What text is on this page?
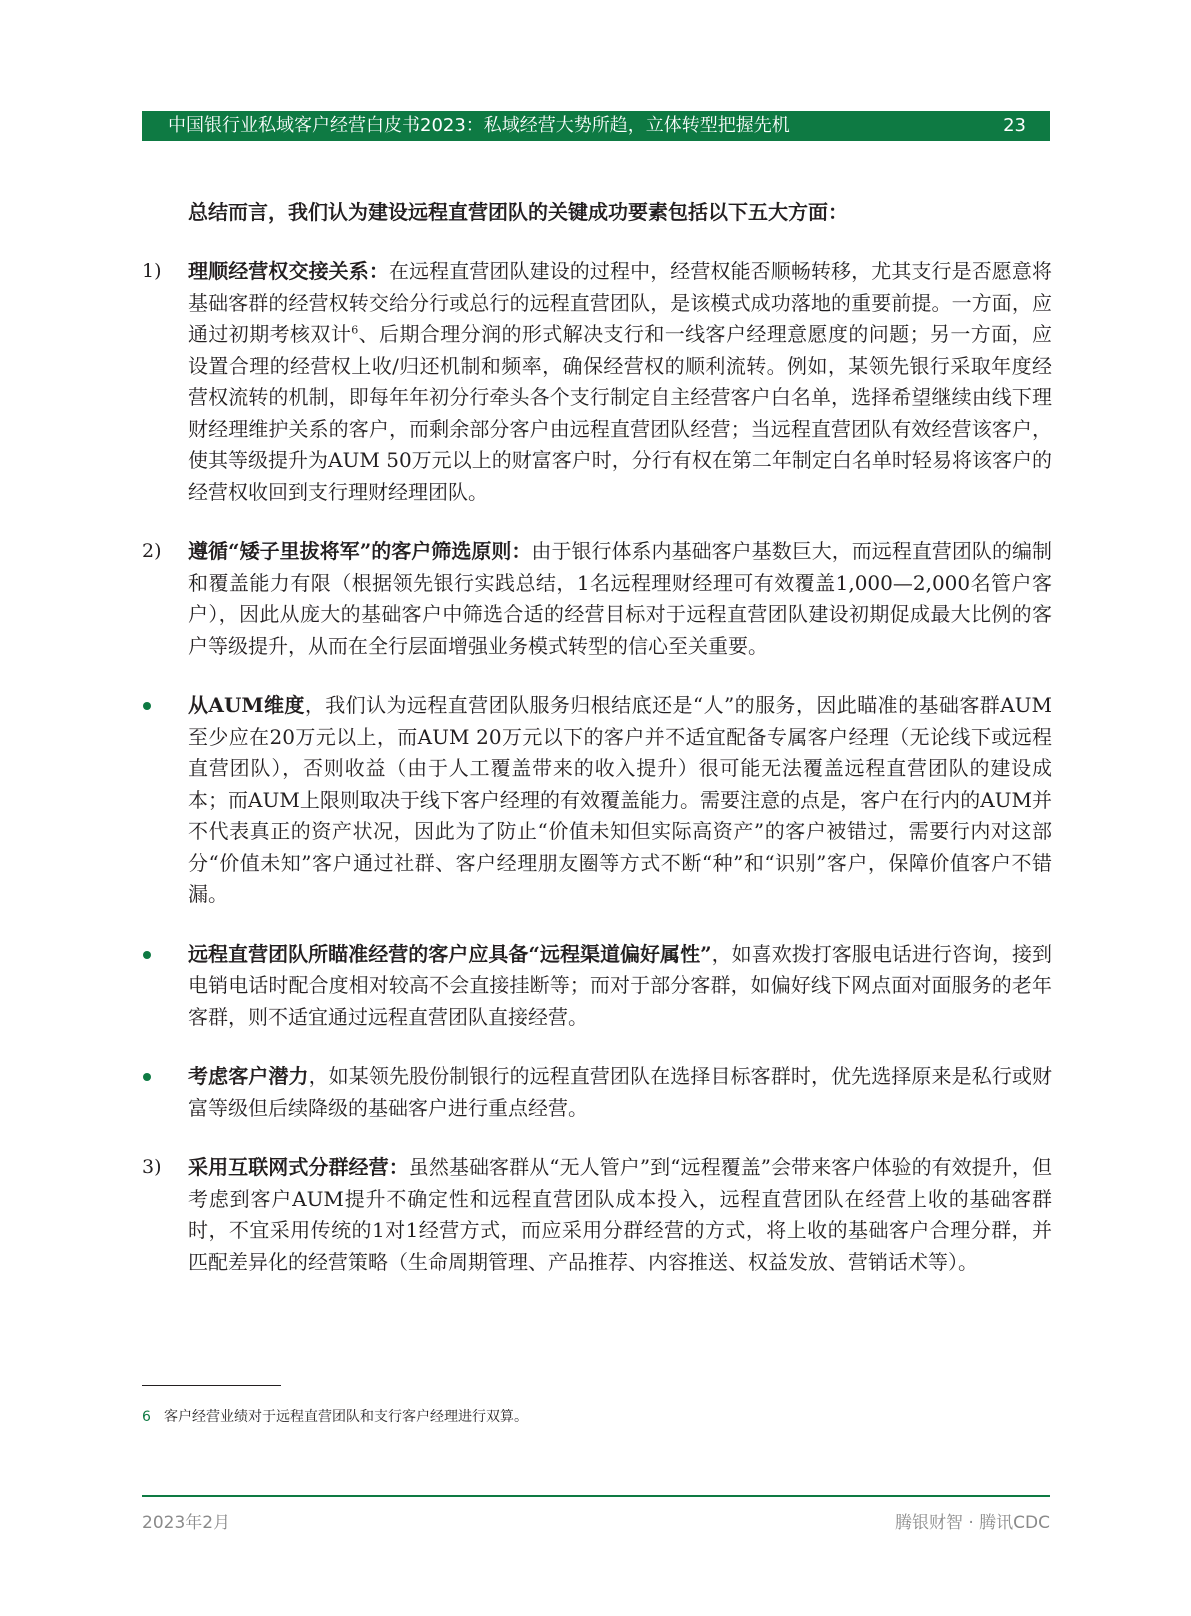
中国银行业私域客户经营白皮书2023：私域经营大势所趋，立体转型把握先机	23

总结而言，我们认为建设远程直营团队的关键成功要素包括以下五大方面：

1) 理顺经营权交接关系：在远程直营团队建设的过程中，经营权能否顺畅转移，尤其支行是否愿意将基础客群的经营权转交给分行或总行的远程直营团队，是该模式成功落地的重要前提。一方面，应通过初期考核双计$^6$、后期合理分润的形式解决支行和一线客户经理意愿度的问题；另一方面，应设置合理的经营权上收/归还机制和频率，确保经营权的顺利流转。例如，某领先银行采取年度经营权流转的机制，即每年年初分行牵头各个支行制定自主经营客户白名单，选择希望继续由线下理财经理维护关系的客户，而剩余部分客户由远程直营团队经营；当远程直营团队有效经营该客户，使其等级提升为AUM 50万元以上的财富客户时，分行有权在第二年制定白名单时轻易将该客户的经营权收回到支行理财经理团队。
2) 遵循“矮子里拔将军”的客户筛选原则：由于银行体系内基础客户基数巨大，而远程直营团队的编制和覆盖能力有限（根据领先银行实践总结，1名远程理财经理可有效覆盖1,000—2,000名管户客户），因此从庞大的基础客户中筛选合适的经营目标对于远程直营团队建设初期促成最大比例的客户等级提升，从而在全行层面增强业务模式转型的信心至关重要。
从AUM维度，我们认为远程直营团队服务归根结底还是“人”的服务，因此瞄准的基础客群AUM至少应在20万元以上，而AUM 20万元以下的客户并不适宜配备专属客户经理（无论线下或远程直营团队），否则收益（由于人工覆盖带来的收入提升）很可能无法覆盖远程直营团队的建设成本；而AUM上限则取决于线下客户经理的有效覆盖能力。需要注意的点是，客户在行内的AUM并不代表真正的资产状况，因此为了防止“价值未知但实际高资产”的客户被错过，需要行内对这部分“价值未知”客户通过社群、客户经理朋友圈等方式不断“种”和“识别”客户，保障价值客户不错漏。
远程直营团队所瞄准经营的客户应具备“远程渠道偏好属性”，如喜欢拨打客服电话进行咨询，接到电销电话时配合度相对较高不会直接挂断等；而对于部分客群，如偏好线下网点面对面服务的老年客群，则不适宜通过远程直营团队直接经营。
考虑客户潜力，如某领先股份制银行的远程直营团队在选择目标客群时，优先选择原来是私行或财富等级但后续降级的基础客户进行重点经营。
3) 采用互联网式分群经营：虽然基础客群从“无人管户”到“远程覆盖”会带来客户体验的有效提升，但考虑到客户AUM提升不确定性和远程直营团队成本投入，远程直营团队在经营上收的基础客群时，不宜采用传统的1对1经营方式，而应采用分群经营的方式，将上收的基础客户合理分群，并匹配差异化的经营策略（生命周期管理、产品推荐、内容推送、权益发放、营销话术等）。
6 客户经营业绩对于远程直营团队和支行客户经理进行双算。
2023年2月	腾银财智 · 腾讯CDC
